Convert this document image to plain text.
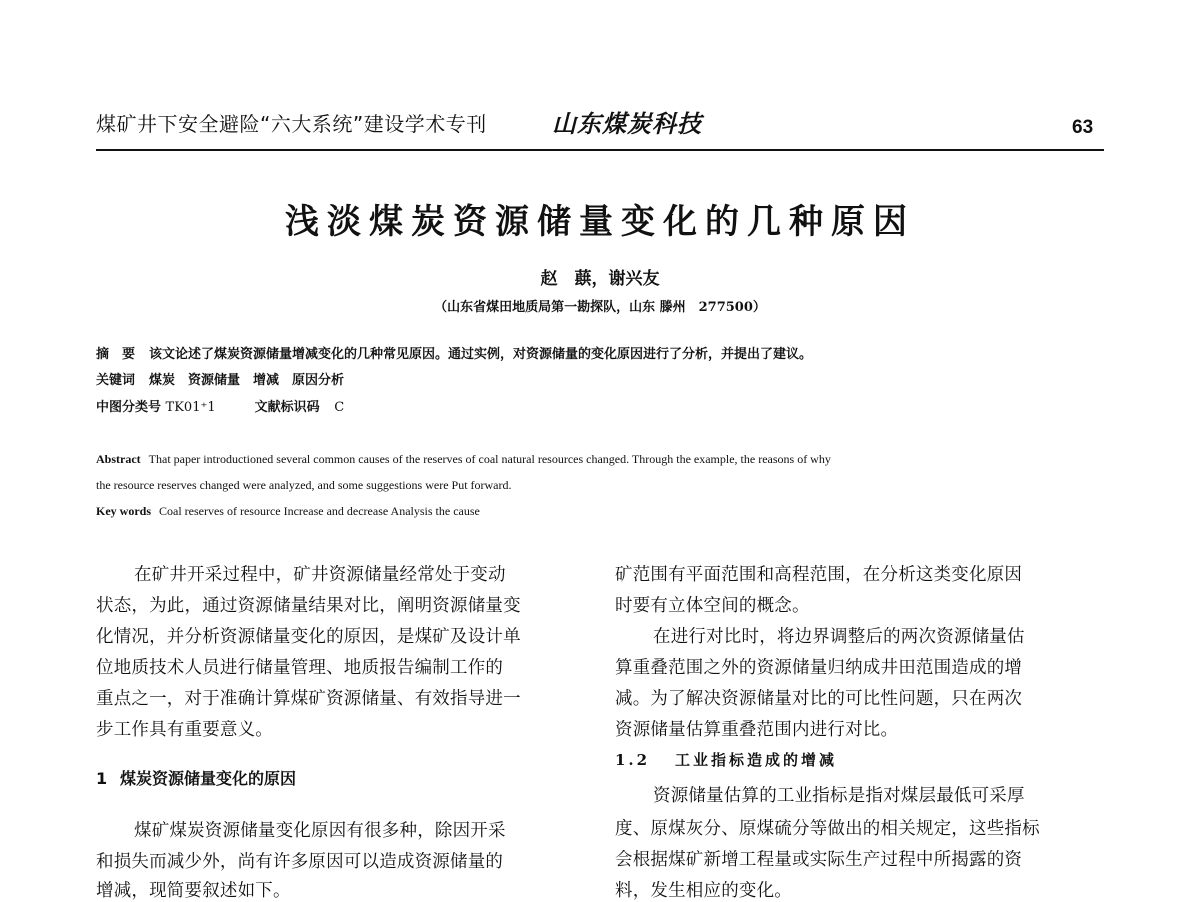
煤矿井下安全避险“六大系统”建设学术专刊	山东煤炭科技	63
浅淡煤炭资源储量变化的几种原因
赵　蕻，谢兴友
（山东省煤田地质局第一勘探队，山东 滕州　277500）
摘　要 该文论述了煤炭资源储量增减变化的几种常见原因。通过实例，对资源储量的变化原因进行了分析，并提出了建议。
关键词 煤炭　资源储量　增减　原因分析
中图分类号 TK01⁺1	文献标识码 C
Abstract That paper introductioned several common causes of the reserves of coal natural resources changed. Through the example, the reasons of why
the resource reserves changed were analyzed, and some suggestions were Put forward.
Key words Coal reserves of resource Increase and decrease Analysis the cause
在矿井开采过程中，矿井资源储量经常处于变动
状态，为此，通过资源储量结果对比，阐明资源储量变
化情况，并分析资源储量变化的原因，是煤矿及设计单
位地质技术人员进行储量管理、地质报告编制工作的
重点之一，对于准确计算煤矿资源储量、有效指导进一
步工作具有重要意义。
1 煤炭资源储量变化的原因
煤矿煤炭资源储量变化原因有很多种，除因开采
和损失而减少外，尚有许多原因可以造成资源储量的
增减，现简要叙述如下。
矿范围有平面范围和高程范围，在分析这类变化原因
时要有立体空间的概念。
在进行对比时，将边界调整后的两次资源储量估
算重叠范围之外的资源储量归纳成井田范围造成的增
减。为了解决资源储量对比的可比性问题，只在两次
资源储量估算重叠范围内进行对比。
1.2 工业指标造成的增减
资源储量估算的工业指标是指对煤层最低可采厚
度、原煤灰分、原煤硫分等做出的相关规定，这些指标
会根据煤矿新增工程量或实际生产过程中所揭露的资
料，发生相应的变化。
